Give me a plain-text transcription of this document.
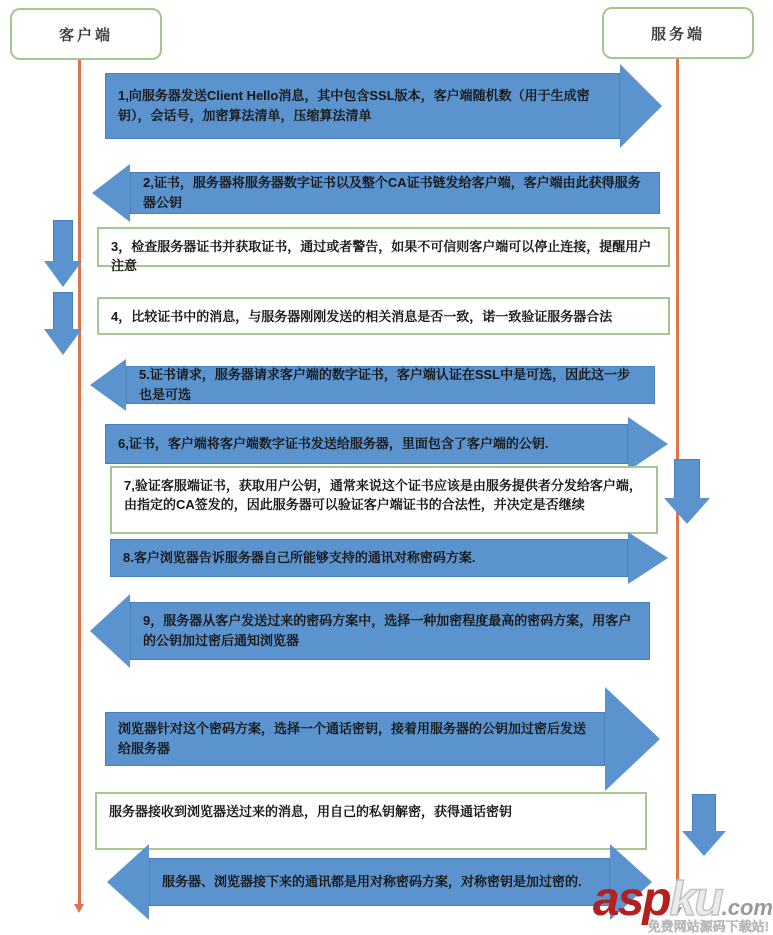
客户端	服务端
1,向服务器发送Client Hello消息，其中包含SSL版本，客户端随机数（用于生成密钥），会话号，加密算法清单，压缩算法清单
2,证书，服务器将服务器数字证书以及整个CA证书链发给客户端，客户端由此获得服务器公钥
3，检查服务器证书并获取证书，通过或者警告，如果不可信则客户端可以停止连接，提醒用户注意
4，比较证书中的消息，与服务器刚刚发送的相关消息是否一致，诺一致验证服务器合法
5.证书请求，服务器请求客户端的数字证书，客户端认证在SSL中是可选，因此这一步也是可选
6,证书，客户端将客户端数字证书发送给服务器，里面包含了客户端的公钥.
7,验证客服端证书，获取用户公钥，通常来说这个证书应该是由服务提供者分发给客户端，由指定的CA签发的，因此服务器可以验证客户端证书的合法性，并决定是否继续
8.客户浏览器告诉服务器自己所能够支持的通讯对称密码方案.
9，服务器从客户发送过来的密码方案中，选择一种加密程度最高的密码方案，用客户的公钥加过密后通知浏览器
浏览器针对这个密码方案，选择一个通话密钥，接着用服务器的公钥加过密后发送给服务器
服务器接收到浏览器送过来的消息，用自己的私钥解密，获得通话密钥
服务器、浏览器接下来的通讯都是用对称密码方案，对称密钥是加过密的. asp ku .com
免费网站源码下载站!
